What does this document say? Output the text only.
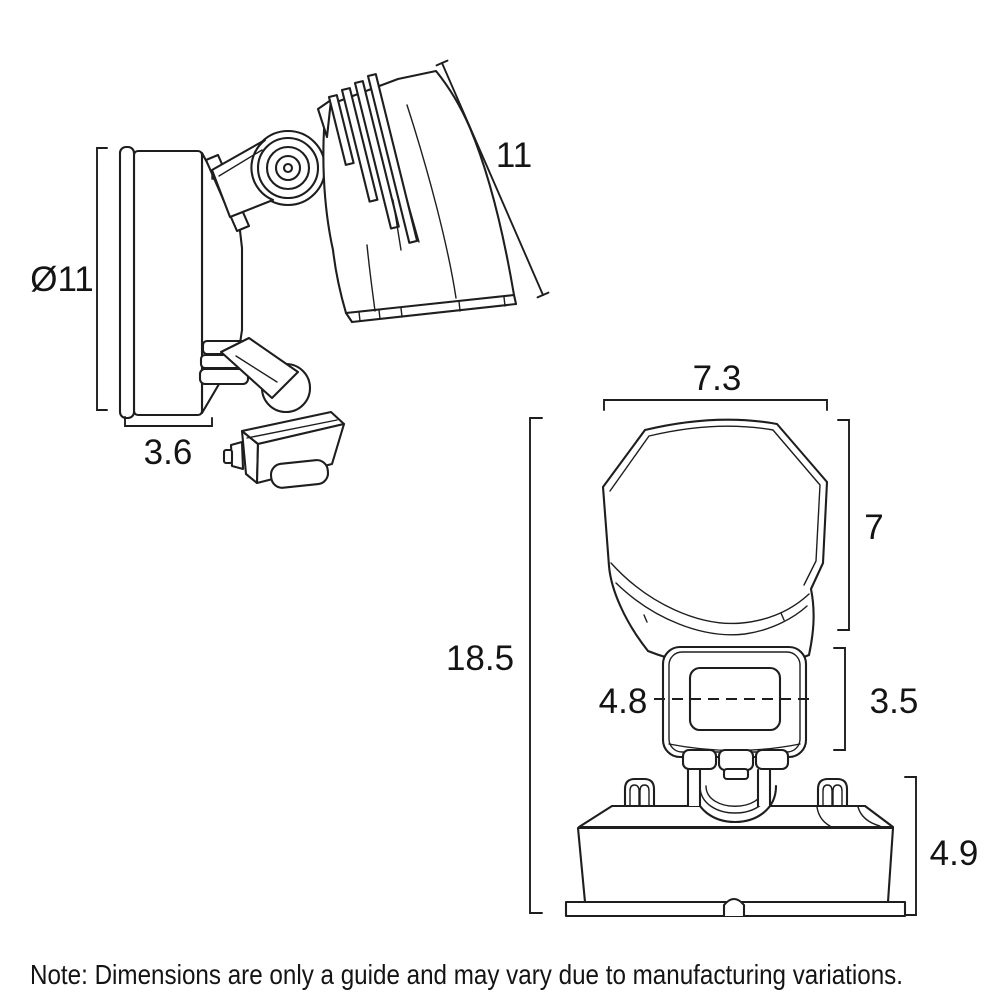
Ø11
3.6
11
7.3
7
18.5
4.8	3.5
4.9
Note: Dimensions are only a guide and may vary due to manufacturing variations.
